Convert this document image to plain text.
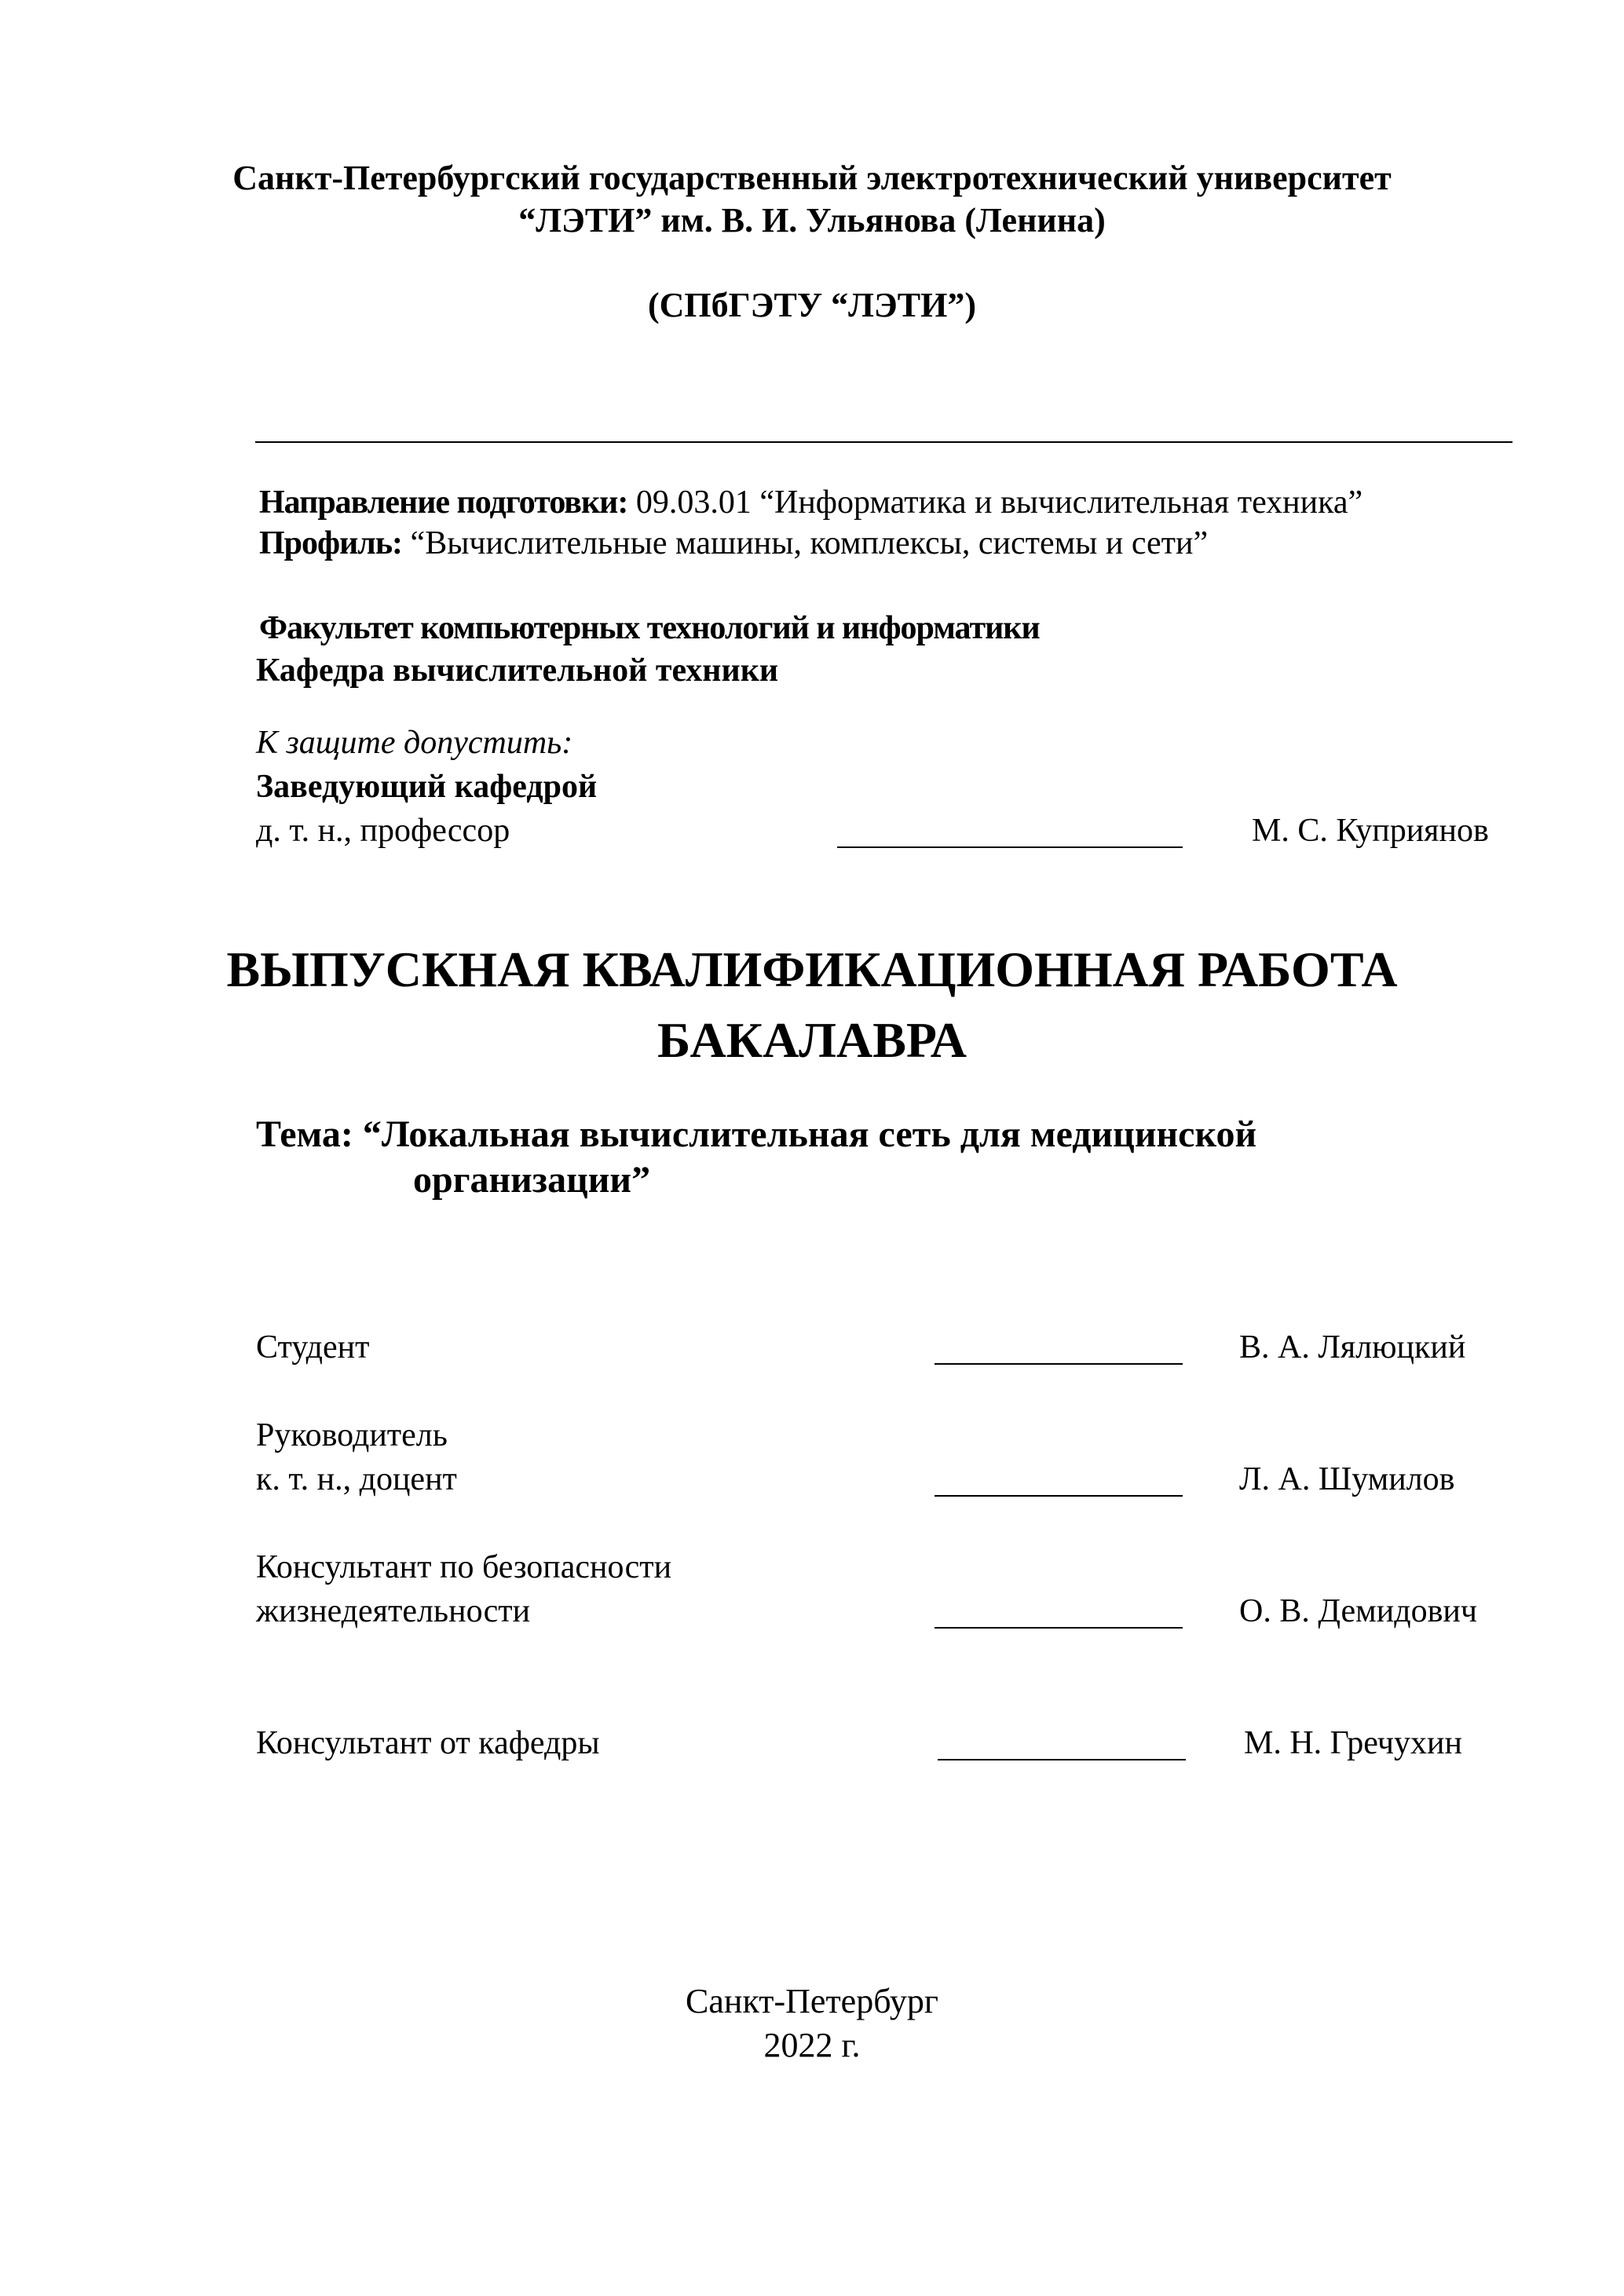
Санкт-Петербургский государственный электротехнический университет
“ЛЭТИ” им. В. И. Ульянова (Ленина)
(СПбГЭТУ “ЛЭТИ”)
Направление подготовки: 09.03.01 “Информатика и вычислительная техника”
Профиль: “Вычислительные машины, комплексы, системы и сети”
Факультет компьютерных технологий и информатики
Кафедра вычислительной техники
К защите допустить:
Заведующий кафедрой
д. т. н., профессор	М. С. Куприянов
ВЫПУСКНАЯ КВАЛИФИКАЦИОННАЯ РАБОТА
БАКАЛАВРА
Тема: “Локальная вычислительная сеть для медицинской
организации”
Студент	В. А. Лялюцкий
Руководитель
к. т. н., доцент	Л. А. Шумилов
Консультант по безопасности
жизнедеятельности	О. В. Демидович
Консультант от кафедры	М. Н. Гречухин
Санкт-Петербург
2022 г.
